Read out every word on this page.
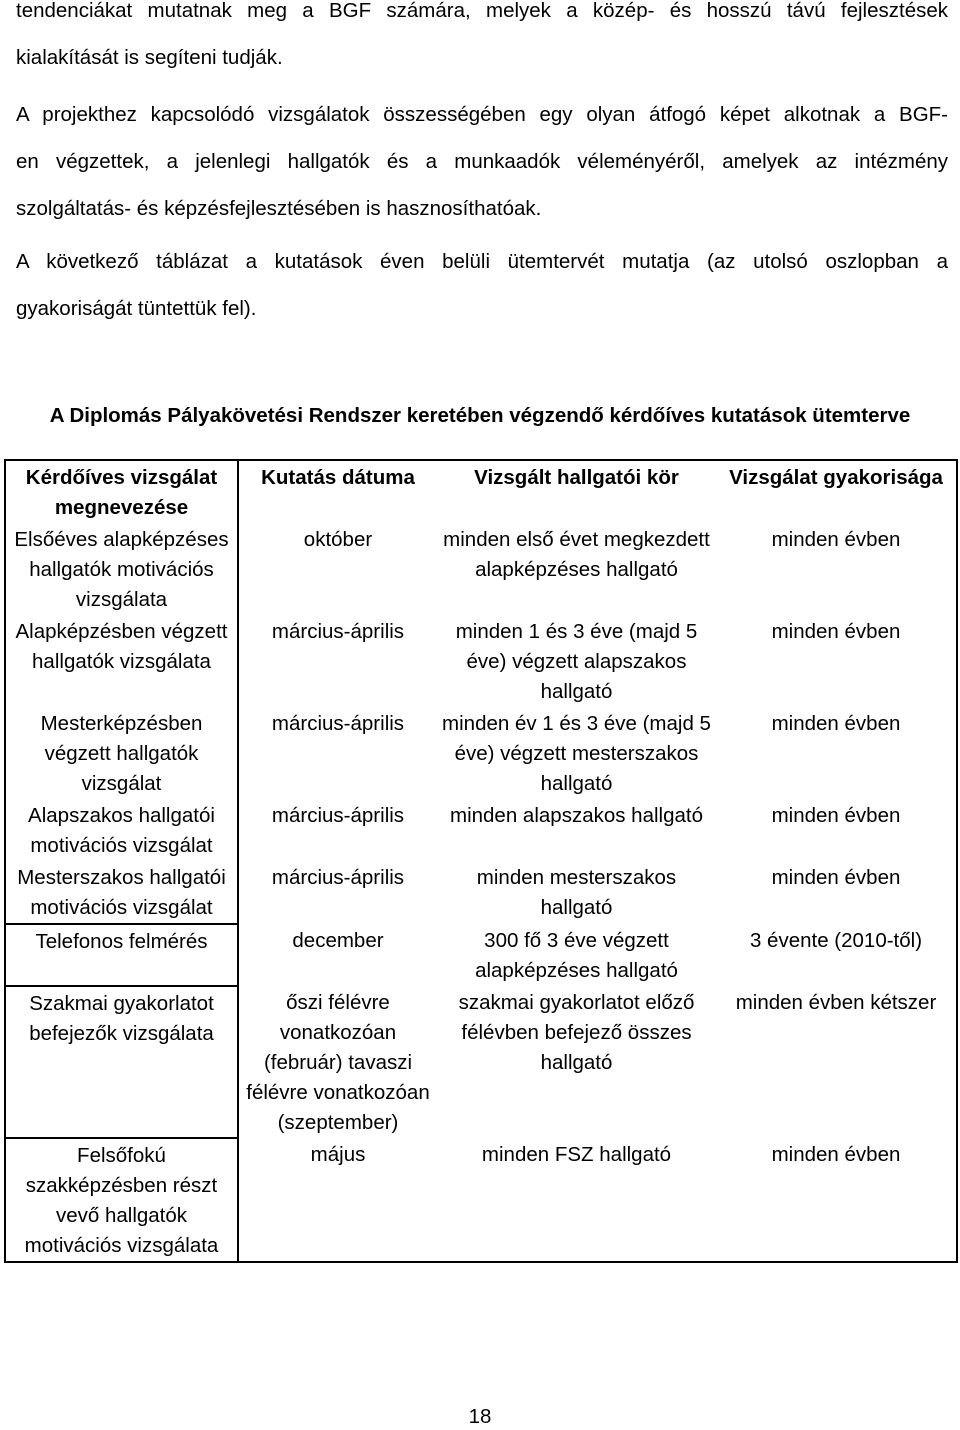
tendenciákat mutatnak meg a BGF számára, melyek a közép- és hosszú távú fejlesztések
kialakítását is segíteni tudják.
A projekthez kapcsolódó vizsgálatok összességében egy olyan átfogó képet alkotnak a BGF-
en végzettek, a jelenlegi hallgatók és a munkaadók véleményéről, amelyek az intézmény
szolgáltatás- és képzésfejlesztésében is hasznosíthatóak.
A következő táblázat a kutatások éven belüli ütemtervét mutatja (az utolsó oszlopban a
gyakoriságát tüntettük fel).

A Diplomás Pályakövetési Rendszer keretében végzendő kérdőíves kutatások ütemterve

Kérdőíves vizsgálat megnevezése	Kutatás dátuma	Vizsgált hallgatói kör	Vizsgálat gyakorisága
Elsőéves alapképzéses hallgatók motivációs vizsgálata	október	minden első évet megkezdett alapképzéses hallgató	minden évben
Alapképzésben végzett hallgatók vizsgálata	március-április	minden 1 és 3 éve (majd 5 éve) végzett alapszakos hallgató	minden évben
Mesterképzésben végzett hallgatók vizsgálat	március-április	minden év 1 és 3 éve (majd 5 éve) végzett mesterszakos hallgató	minden évben
Alapszakos hallgatói motivációs vizsgálat	március-április	minden alapszakos hallgató	minden évben
Mesterszakos hallgatói motivációs vizsgálat	március-április	minden mesterszakos hallgató	minden évben
Telefonos felmérés	december	300 fő 3 éve végzett alapképzéses hallgató	3 évente (2010-től)
Szakmai gyakorlatot befejezők vizsgálata	őszi félévre vonatkozóan (február) tavaszi félévre vonatkozóan (szeptember)	szakmai gyakorlatot előző félévben befejező összes hallgató	minden évben kétszer
Felsőfokú szakképzésben részt vevő hallgatók motivációs vizsgálata	május	minden FSZ hallgató	minden évben

18
